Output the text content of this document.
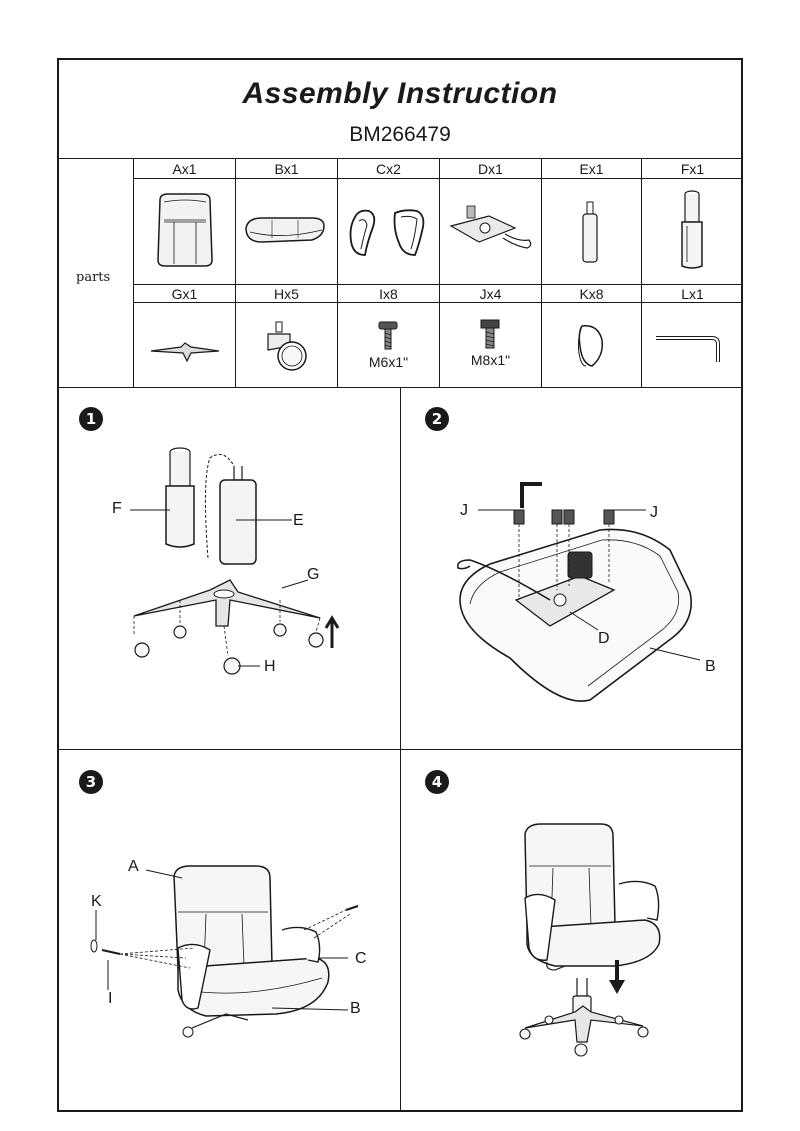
Assembly Instruction
BM266479
parts
Ax1	Bx1	Cx2	Dx1	Ex1	Fx1
Gx1	Hx5	Ix8	Jx4	Kx8	Lx1
M6x1"	M8x1"
1
F
E
G
H
2
J	J
D
B
3
A
K
I
C
B
4
